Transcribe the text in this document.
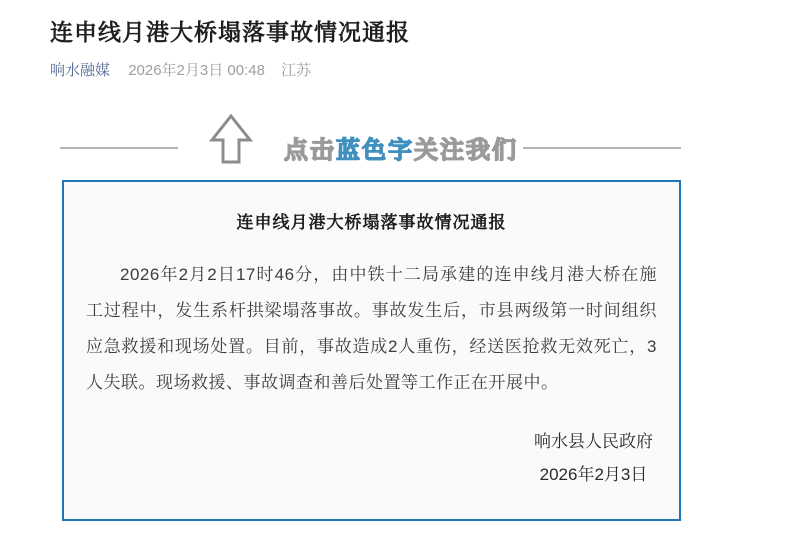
连申线月港大桥塌落事故情况通报
响水融媒 2026年2月3日 00:48 江苏
点击蓝色字关注我们
连申线月港大桥塌落事故情况通报

2026年2月2日17时46分，由中铁十二局承建的连申线月港大桥在施工过程中，发生系杆拱梁塌落事故。事故发生后，市县两级第一时间组织应急救援和现场处置。目前，事故造成2人重伤，经送医抢救无效死亡，3人失联。现场救援、事故调查和善后处置等工作正在开展中。

响水县人民政府
2026年2月3日
